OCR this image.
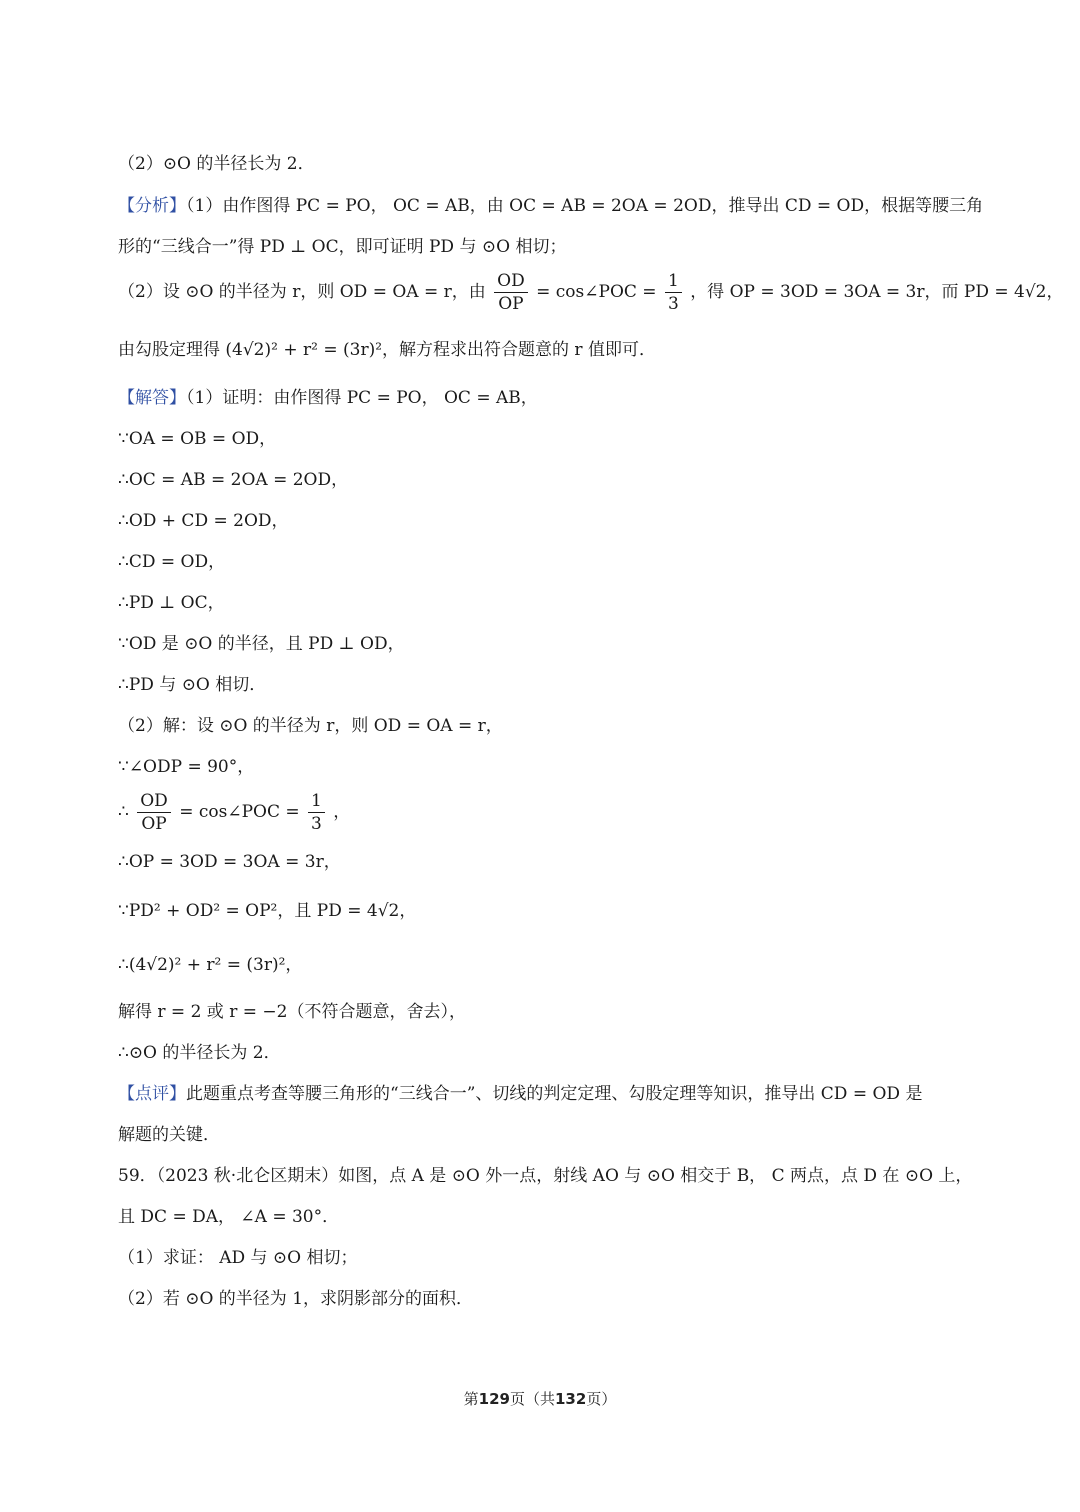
（2）⊙O 的半径长为 2．
【分析】（1）由作图得 PC = PO， OC = AB，由 OC = AB = 2OA = 2OD，推导出 CD = OD，根据等腰三角
形的“三线合一”得 PD ⊥ OC，即可证明 PD 与 ⊙O 相切；
（2）设 ⊙O 的半径为 r，则 OD = OA = r，由 $\frac{OD}{OP}$ = cos∠POC = $\frac{1}{3}$ ，得 OP = 3OD = 3OA = 3r，而 PD = 4√2，
由勾股定理得 (4√2)² + r² = (3r)²，解方程求出符合题意的 r 值即可．
【解答】（1）证明：由作图得 PC = PO， OC = AB，
∵OA = OB = OD，
∴OC = AB = 2OA = 2OD，
∴OD + CD = 2OD，
∴CD = OD，
∴PD ⊥ OC，
∵OD 是 ⊙O 的半径，且 PD ⊥ OD，
∴PD 与 ⊙O 相切．
（2）解：设 ⊙O 的半径为 r，则 OD = OA = r，
∵∠ODP = 90°，
∴ $\frac{OD}{OP}$ = cos∠POC = $\frac{1}{3}$ ，
∴OP = 3OD = 3OA = 3r，
∵PD² + OD² = OP²，且 PD = 4√2，
∴(4√2)² + r² = (3r)²，
解得 r = 2 或 r = −2（不符合题意，舍去），
∴⊙O 的半径长为 2．
【点评】此题重点考查等腰三角形的“三线合一”、切线的判定定理、勾股定理等知识，推导出 CD = OD 是
解题的关键．
59．（2023 秋·北仑区期末）如图，点 A 是 ⊙O 外一点，射线 AO 与 ⊙O 相交于 B， C 两点，点 D 在 ⊙O 上，
且 DC = DA， ∠A = 30°．
（1）求证： AD 与 ⊙O 相切；
（2）若 ⊙O 的半径为 1，求阴影部分的面积．
第129页（共132页）
